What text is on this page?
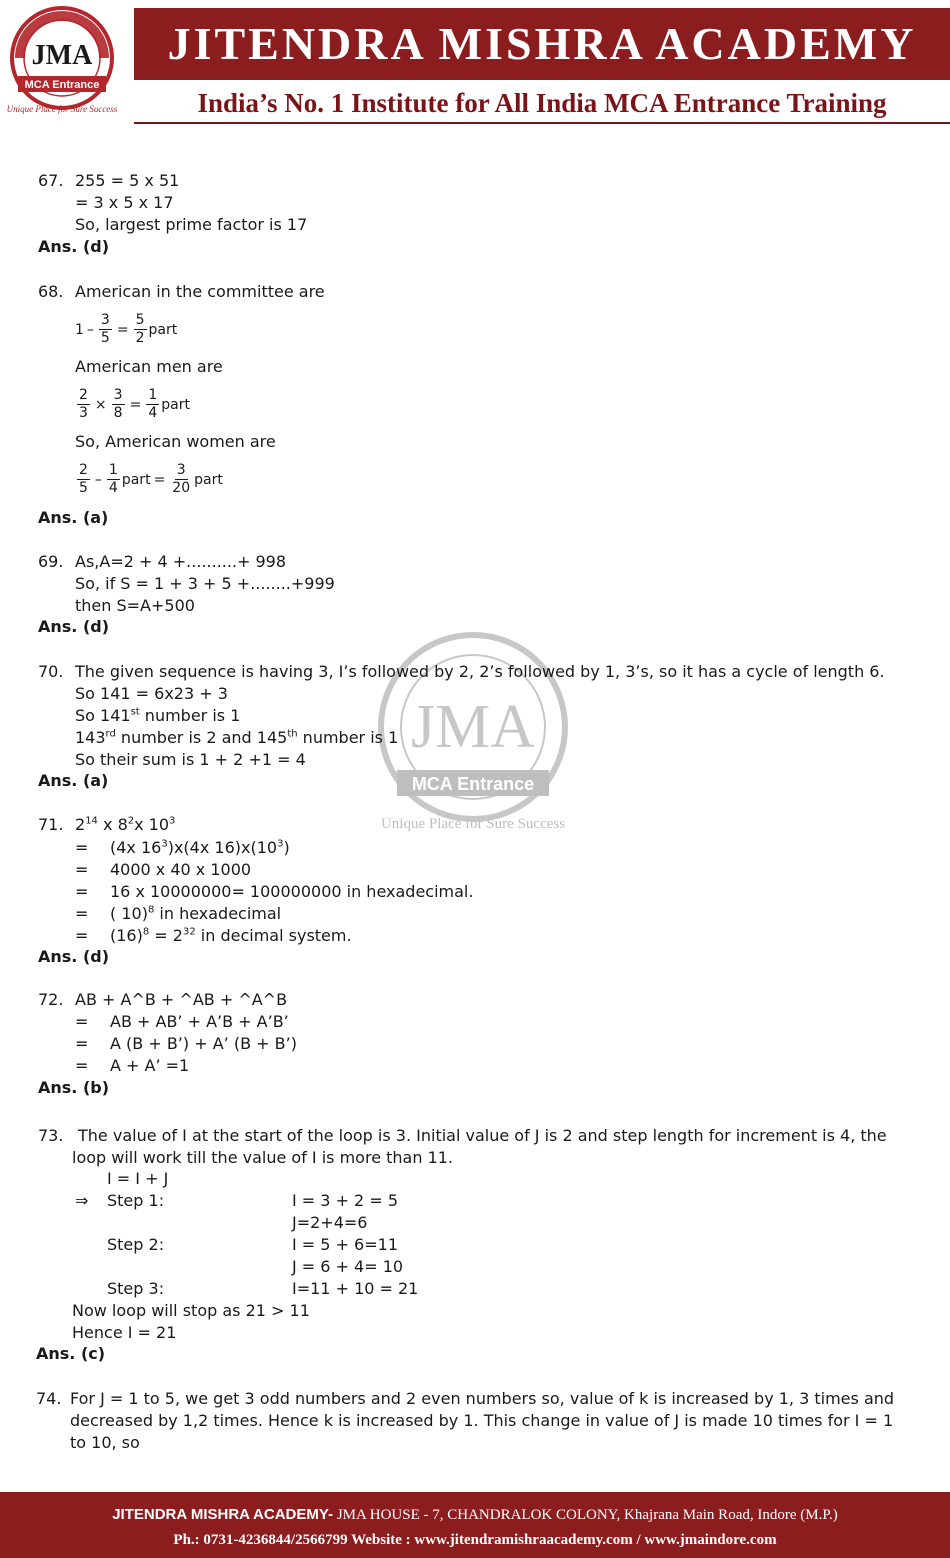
JMA
MCA Entrance
Unique Place for Sure Success
JITENDRA MISHRA ACADEMY
India’s No. 1 Institute for All India MCA Entrance Training
JMA
MCA Entrance
Unique Place for Sure Success
67. 255 = 5 x 51
= 3 x 5 x 17
So, largest prime factor is 17
Ans. (d)
68. American in the committee are
$1 - \frac{3}{5} = \frac{5}{2}$ part
American men are
$\frac{2}{3} \times \frac{3}{8} = \frac{1}{4}$ part
So, American women are
$\frac{2}{5} - \frac{1}{4}$ part = $\frac{3}{20}$ part
Ans. (a)
69. As,A=2 + 4 +..........+ 998
So, if S = 1 + 3 + 5 +........+999
then S=A+500
Ans. (d)
70. The given sequence is having 3, I’s followed by 2, 2’s followed by 1, 3’s, so it has a cycle of length 6.
So 141 = 6x23 + 3
So 141st number is 1
143rd number is 2 and 145th number is 1
So their sum is 1 + 2 +1 = 4
Ans. (a)
71. $2^{14}$ x $8^2x$ $10^3$
= (4x $16^3)x(4x$ $16)x(10^3)$
= 4000 x 40 x 1000
= 16 x 10000000= 100000000 in hexadecimal.
= ( 10)$^8$ in hexadecimal
= $(16)^8 = 2^{32}$ in decimal system.
Ans. (d)
72. AB + A^B + ^AB + ^A^B
= AB + AB’ + A’B + A’B’
= A (B + B’) + A’ (B + B’)
= A + A’ =1
Ans. (b)
73. The value of I at the start of the loop is 3. Initial value of J is 2 and step length for increment is 4, the
loop will work till the value of I is more than 11.
I = I + J
⇒ Step 1:	I = 3 + 2 = 5
J=2+4=6
Step 2:	I = 5 + 6=11
J = 6 + 4= 10
Step 3:	I=11 + 10 = 21
Now loop will stop as 21 > 11
Hence I = 21
Ans. (c)
74. For J = 1 to 5, we get 3 odd numbers and 2 even numbers so, value of k is increased by 1, 3 times and
decreased by 1,2 times. Hence k is increased by 1. This change in value of J is made 10 times for I = 1
to 10, so
JITENDRA MISHRA ACADEMY- JMA HOUSE - 7, CHANDRALOK COLONY, Khajrana Main Road, Indore (M.P.)
Ph.: 0731-4236844/2566799 Website : www.jitendramishraacademy.com / www.jmaindore.com
